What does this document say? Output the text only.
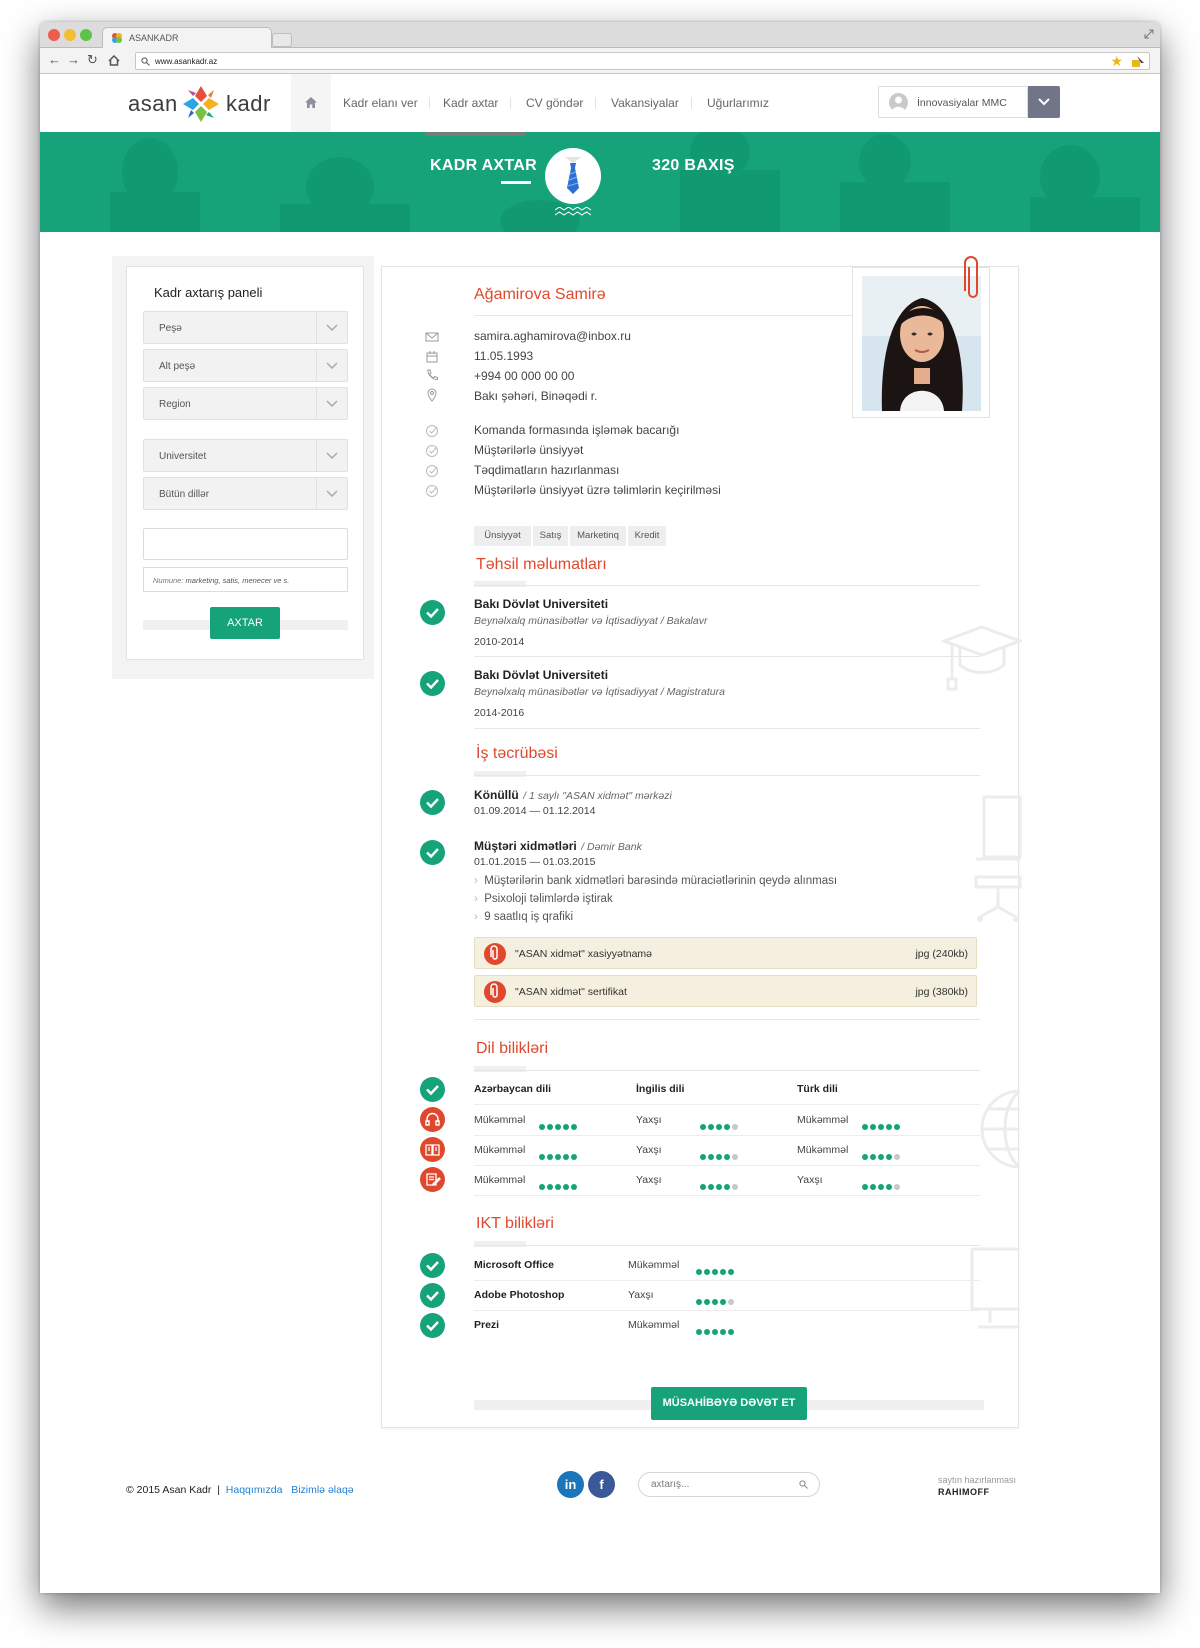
ASANKADR
← → ↻	www.asankadr.az	★
asan kadr	Kadr elanı ver Kadr axtar CV göndər Vakansiyalar Uğurlarımız	İnnovasiyalar MMC
KADR AXTAR	320 BAXIŞ
Kadr axtarış paneli
Peşə
Alt peşə
Region
Universitet
Bütün dillər
Numune: marketing, satis, menecer ve s.
AXTAR
Ağamirova Samirə
samira.aghamirova@inbox.ru
11.05.1993
+994 00 000 00 00
Bakı şəhəri, Binəqədi r.
Komanda formasında işləmək bacarığı
Müştərilərlə ünsiyyət
Təqdimatların hazırlanması
Müştərilərlə ünsiyyət üzrə təlimlərin keçirilməsi
Ünsiyyət	Satış	Marketinq	Kredit
Təhsil məlumatları
Bakı Dövlət Universiteti
Beynəlxalq münasibətlər və İqtisadiyyat / Bakalavr
2010-2014
Bakı Dövlət Universiteti
Beynəlxalq münasibətlər və İqtisadiyyat / Magistratura
2014-2016
İş təcrübəsi
Könüllü / 1 saylı "ASAN xidmət" mərkəzi
01.09.2014 — 01.12.2014
Müştəri xidmətləri / Dəmir Bank
01.01.2015 — 01.03.2015
› Müştərilərin bank xidmətləri barəsində müraciətlərinin qeydə alınması
› Psixoloji təlimlərdə iştirak
› 9 saatlıq iş qrafiki
"ASAN xidmət" xasiyyətnamə	jpg (240kb)
"ASAN xidmət" sertifikat	jpg (380kb)
Dil bilikləri
Azərbaycan dili	İngilis dili	Türk dili
Mükəmməl	Yaxşı	Mükəmməl
Mükəmməl	Yaxşı	Mükəmməl
Mükəmməl	Yaxşı	Yaxşı
IKT bilikləri
Microsoft Office	Mükəmməl
Adobe Photoshop	Yaxşı
Prezi	Mükəmməl
MÜSAHİBƏYƏ DƏVƏT ET
© 2015 Asan Kadr  |  Haqqımızda Bizimlə əlaqə	in	f	axtarış...	saytın hazırlanması
RAHIMOFF
